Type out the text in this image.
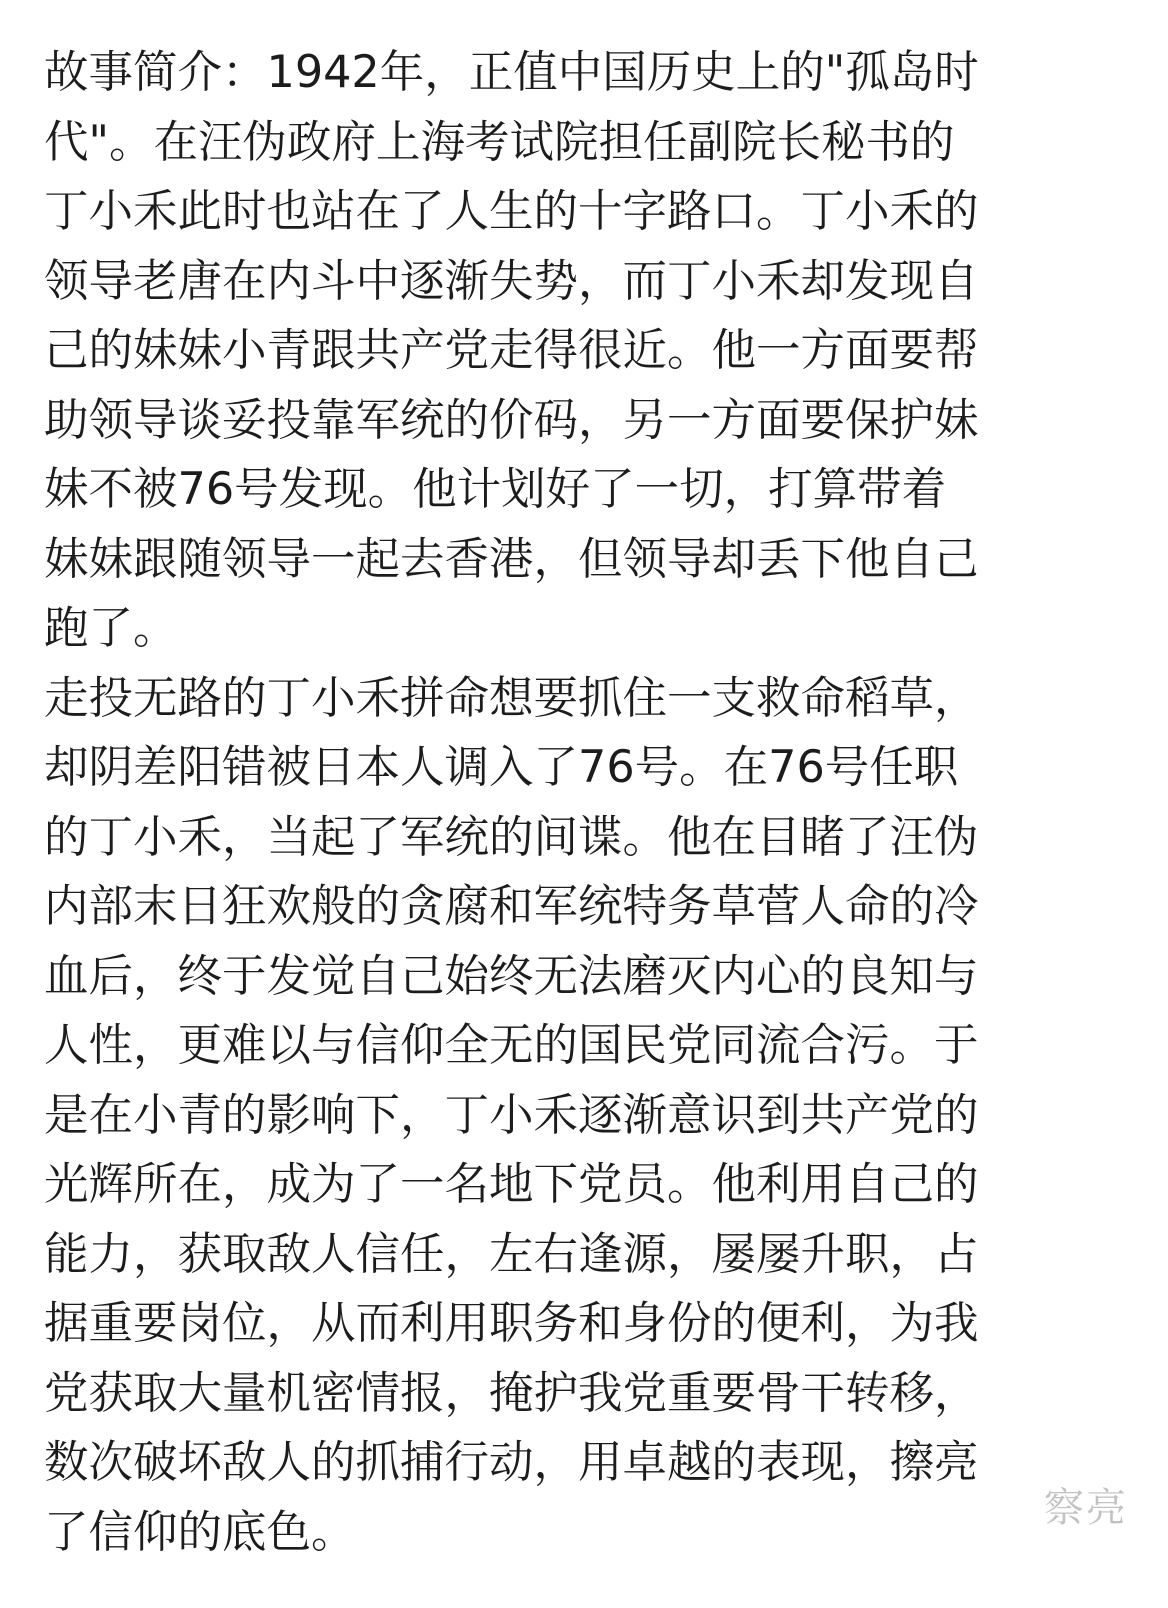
故事简介：1942年，正值中国历史上的"孤岛时
代"。在汪伪政府上海考试院担任副院长秘书的
丁小禾此时也站在了人生的十字路口。丁小禾的
领导老唐在内斗中逐渐失势，而丁小禾却发现自
己的妹妹小青跟共产党走得很近。他一方面要帮
助领导谈妥投靠军统的价码，另一方面要保护妹
妹不被76号发现。他计划好了一切，打算带着
妹妹跟随领导一起去香港，但领导却丢下他自己
跑了。
走投无路的丁小禾拼命想要抓住一支救命稻草，
却阴差阳错被日本人调入了76号。在76号任职
的丁小禾，当起了军统的间谍。他在目睹了汪伪
内部末日狂欢般的贪腐和军统特务草菅人命的冷
血后，终于发觉自己始终无法磨灭内心的良知与
人性，更难以与信仰全无的国民党同流合污。于
是在小青的影响下，丁小禾逐渐意识到共产党的
光辉所在，成为了一名地下党员。他利用自己的
能力，获取敌人信任，左右逢源，屡屡升职，占
据重要岗位，从而利用职务和身份的便利，为我
党获取大量机密情报，掩护我党重要骨干转移，
数次破坏敌人的抓捕行动，用卓越的表现，擦亮
了信仰的底色。	察亮
